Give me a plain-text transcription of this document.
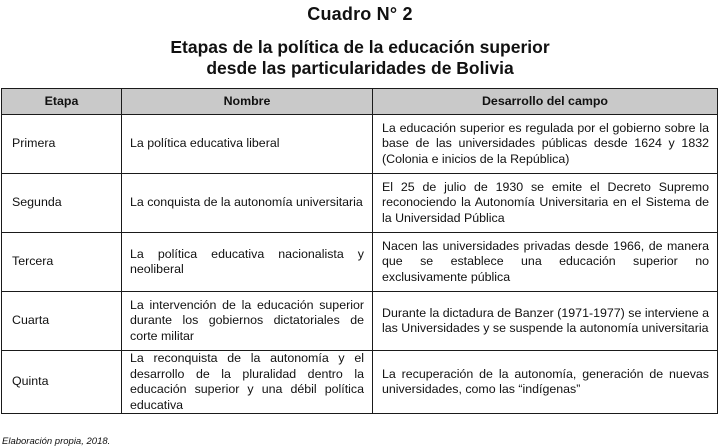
Cuadro N° 2
Etapas de la política de la educación superior
desde las particularidades de Bolivia
Etapa	Nombre	Desarrollo del campo
Primera	La política educativa liberal	La educación superior es regulada por el gobierno sobre la base de las universidades públicas desde 1624 y 1832 (Colonia e inicios de la República)
Segunda	La conquista de la autonomía universitaria	El 25 de julio de 1930 se emite el Decreto Supremo reconociendo la Autonomía Universitaria en el Sistema de la Universidad Pública
Tercera	La política educativa nacionalista y neoliberal	Nacen las universidades privadas desde 1966, de manera que se establece una educación superior no exclusivamente pública
Cuarta	La intervención de la educación superior durante los gobiernos dictatoriales de corte militar	Durante la dictadura de Banzer (1971-1977) se interviene a las Universidades y se suspende la autonomía universitaria
Quinta	La reconquista de la autonomía y el desarrollo de la pluralidad dentro la educación superior y una débil política educativa	La recuperación de la autonomía, generación de nuevas universidades, como las “indígenas”
Elaboración propia, 2018.
